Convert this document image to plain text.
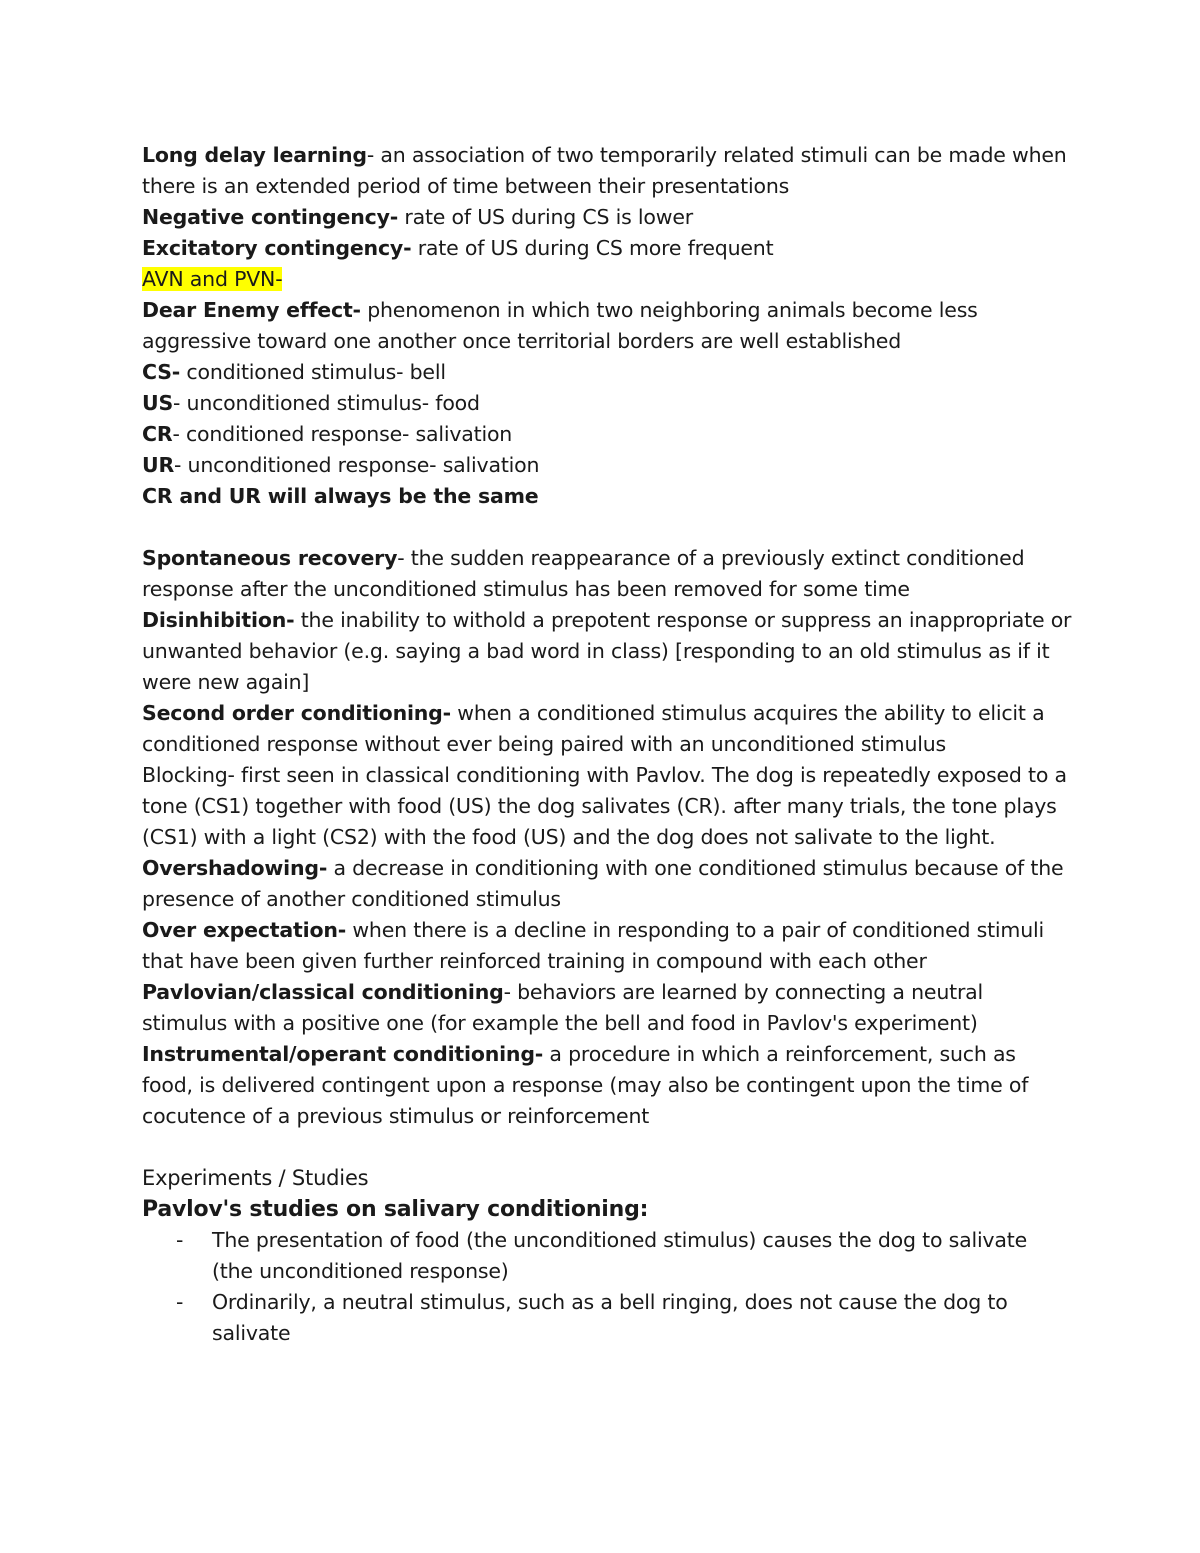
Long delay learning- an association of two temporarily related stimuli can be made when there is an extended period of time between their presentations

Negative contingency- rate of US during CS is lower

Excitatory contingency- rate of US during CS more frequent

AVN and PVN-

Dear Enemy effect- phenomenon in which two neighboring animals become less aggressive toward one another once territorial borders are well established

CS- conditioned stimulus- bell

US- unconditioned stimulus- food

CR- conditioned response- salivation

UR- unconditioned response- salivation

CR and UR will always be the same

Spontaneous recovery- the sudden reappearance of a previously extinct conditioned response after the unconditioned stimulus has been removed for some time

Disinhibition- the inability to withold a prepotent response or suppress an inappropriate or unwanted behavior (e.g. saying a bad word in class) [responding to an old stimulus as if it were new again]

Second order conditioning- when a conditioned stimulus acquires the ability to elicit a conditioned response without ever being paired with an unconditioned stimulus

Blocking- first seen in classical conditioning with Pavlov. The dog is repeatedly exposed to a tone (CS1) together with food (US) the dog salivates (CR). after many trials, the tone plays (CS1) with a light (CS2) with the food (US) and the dog does not salivate to the light.

Overshadowing- a decrease in conditioning with one conditioned stimulus because of the presence of another conditioned stimulus

Over expectation- when there is a decline in responding to a pair of conditioned stimuli that have been given further reinforced training in compound with each other

Pavlovian/classical conditioning- behaviors are learned by connecting a neutral stimulus with a positive one (for example the bell and food in Pavlov's experiment)

Instrumental/operant conditioning- a procedure in which a reinforcement, such as food, is delivered contingent upon a response (may also be contingent upon the time of cocutence of a previous stimulus or reinforcement

Experiments / Studies

Pavlov's studies on salivary conditioning:

- The presentation of food (the unconditioned stimulus) causes the dog to salivate (the unconditioned response)
- Ordinarily, a neutral stimulus, such as a bell ringing, does not cause the dog to salivate
